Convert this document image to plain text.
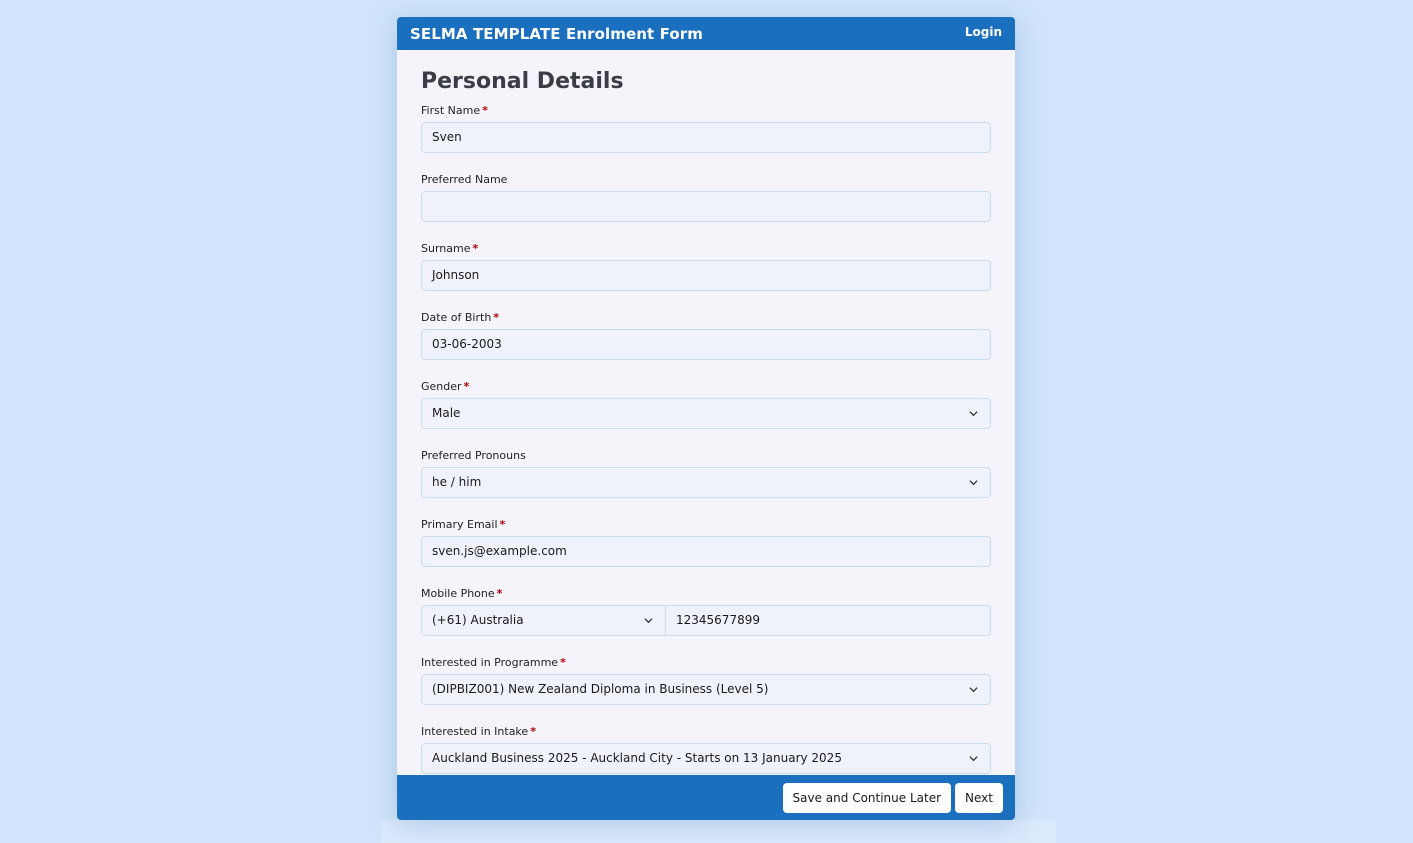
SELMA TEMPLATE Enrolment Form	Login
Personal Details
First Name *
Sven
Preferred Name
Surname *
Johnson
Date of Birth *
03-06-2003
Gender *
Male
Preferred Pronouns
he / him
Primary Email *
sven.js@example.com
Mobile Phone *
(+61) Australia	12345677899
Interested in Programme *
(DIPBIZ001) New Zealand Diploma in Business (Level 5)
Interested in Intake *
Auckland Business 2025 - Auckland City - Starts on 13 January 2025
Save and Continue Later	Next
